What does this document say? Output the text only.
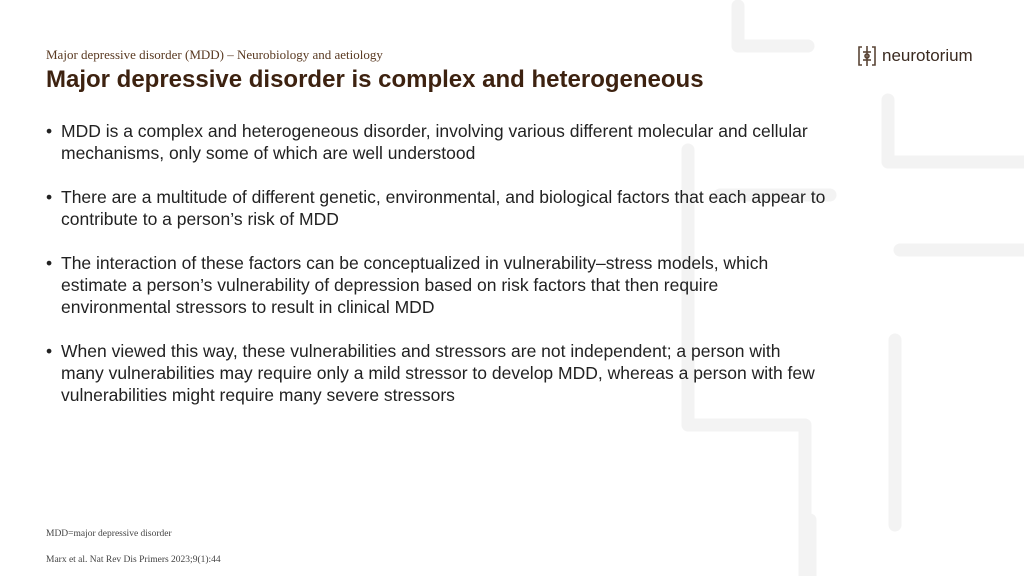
Major depressive disorder (MDD) – Neurobiology and aetiology
Major depressive disorder is complex and heterogeneous
neurotorium
• MDD is a complex and heterogeneous disorder, involving various different molecular and cellular mechanisms, only some of which are well understood
• There are a multitude of different genetic, environmental, and biological factors that each appear to contribute to a person’s risk of MDD
• The interaction of these factors can be conceptualized in vulnerability–stress models, which estimate a person’s vulnerability of depression based on risk factors that then require environmental stressors to result in clinical MDD
• When viewed this way, these vulnerabilities and stressors are not independent; a person with many vulnerabilities may require only a mild stressor to develop MDD, whereas a person with few vulnerabilities might require many severe stressors
MDD=major depressive disorder
Marx et al. Nat Rev Dis Primers 2023;9(1):44
